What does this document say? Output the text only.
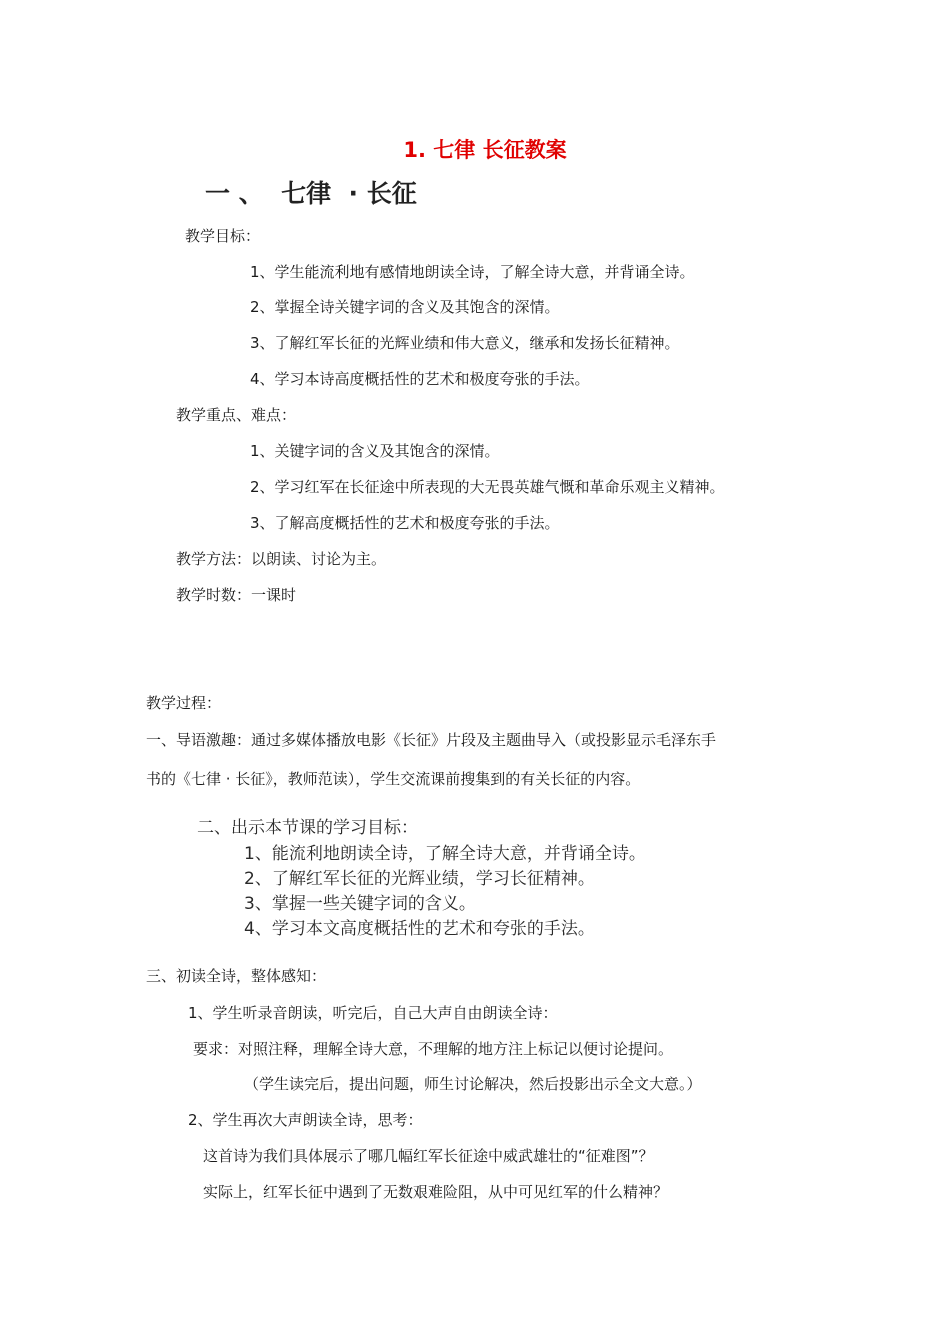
1. 七律 长征教案
一 、  七律  · 长征
教学目标：
1、学生能流利地有感情地朗读全诗，了解全诗大意，并背诵全诗。
2、掌握全诗关键字词的含义及其饱含的深情。
3、了解红军长征的光辉业绩和伟大意义，继承和发扬长征精神。
4、学习本诗高度概括性的艺术和极度夸张的手法。
教学重点、难点：
1、关键字词的含义及其饱含的深情。
2、学习红军在长征途中所表现的大无畏英雄气慨和革命乐观主义精神。
3、了解高度概括性的艺术和极度夸张的手法。
教学方法：以朗读、讨论为主。
教学时数：一课时
教学过程：
一、导语激趣：通过多媒体播放电影《长征》片段及主题曲导入（或投影显示毛泽东手
书的《七律 · 长征》，教师范读），学生交流课前搜集到的有关长征的内容。
二、出示本节课的学习目标：
1、能流利地朗读全诗，了解全诗大意，并背诵全诗。
2、了解红军长征的光辉业绩，学习长征精神。
3、掌握一些关键字词的含义。
4、学习本文高度概括性的艺术和夸张的手法。
三、初读全诗，整体感知：
1、学生听录音朗读，听完后，自己大声自由朗读全诗：
要求：对照注释，理解全诗大意，不理解的地方注上标记以便讨论提问。
（学生读完后，提出问题，师生讨论解决，然后投影出示全文大意。）
2、学生再次大声朗读全诗，思考：
这首诗为我们具体展示了哪几幅红军长征途中威武雄壮的“征难图”？
实际上，红军长征中遇到了无数艰难险阻，从中可见红军的什么精神？
